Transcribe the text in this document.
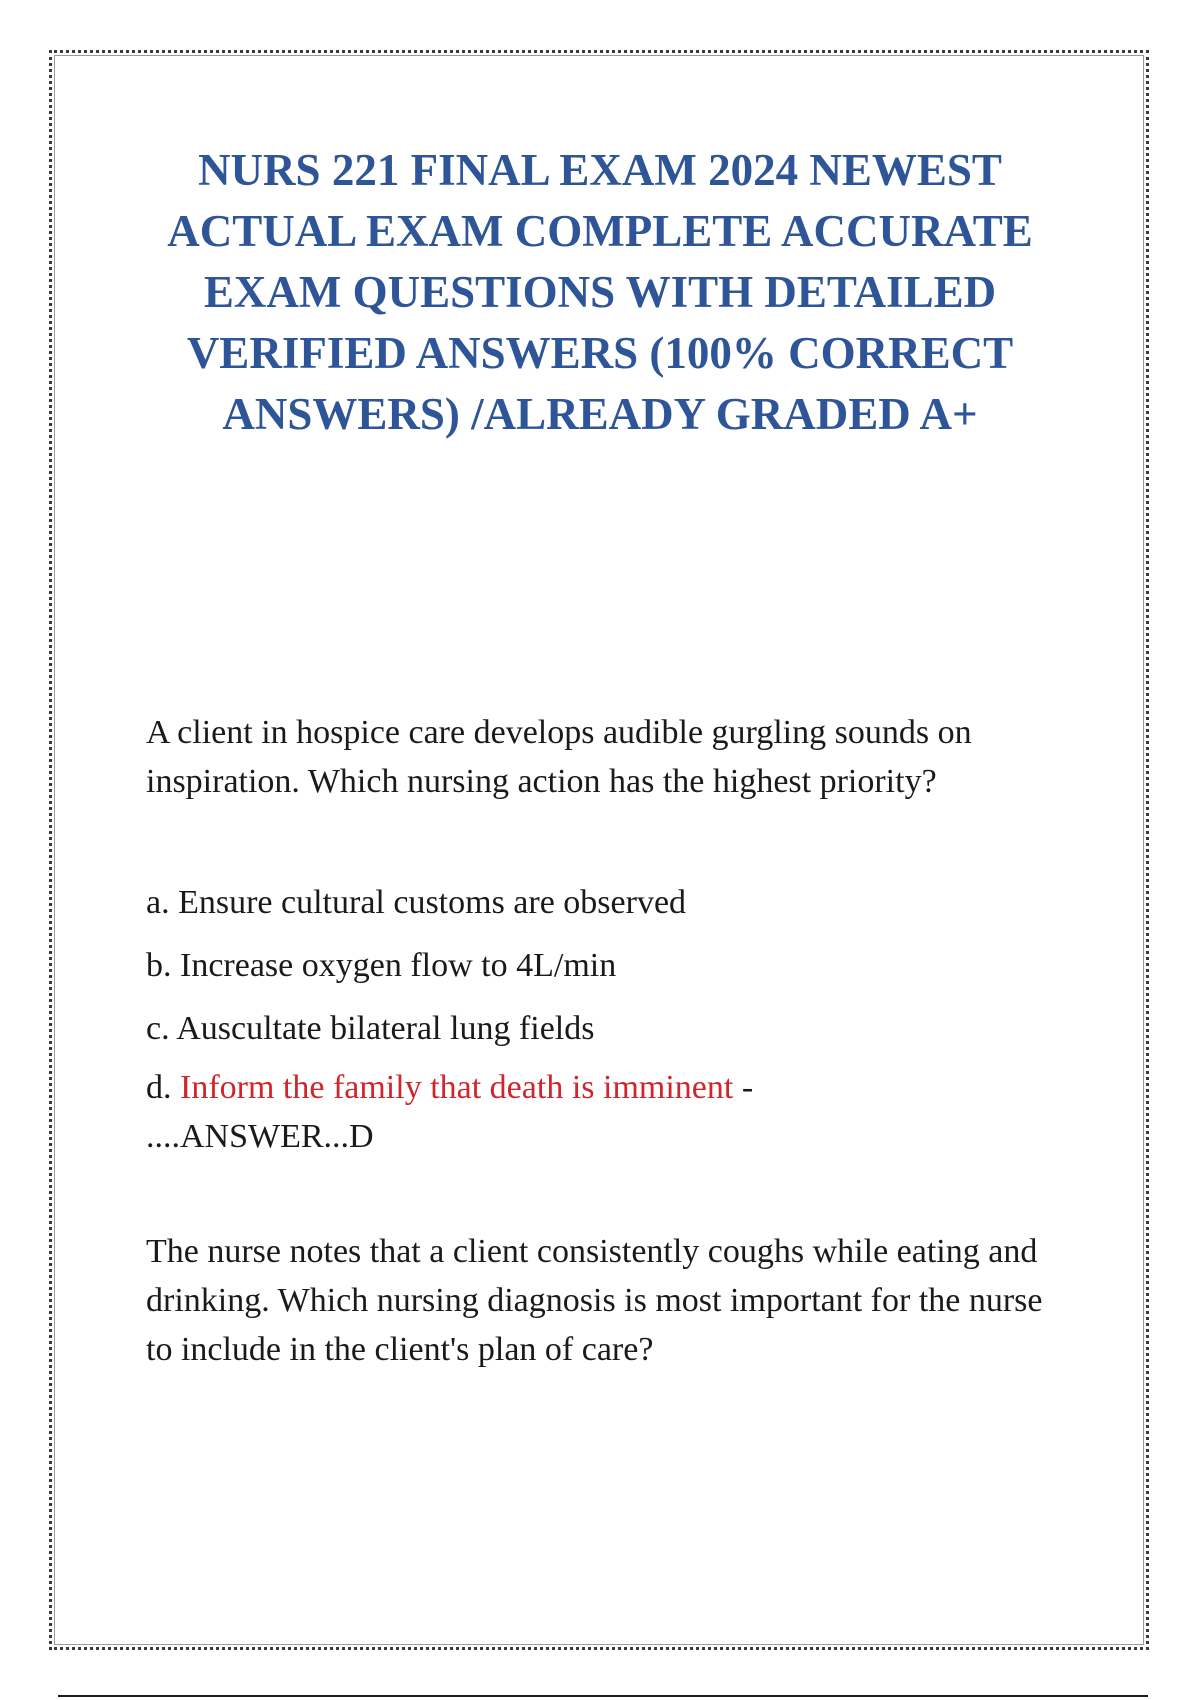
NURS 221 FINAL EXAM 2024 NEWEST ACTUAL EXAM COMPLETE ACCURATE EXAM QUESTIONS WITH DETAILED VERIFIED ANSWERS (100% CORRECT ANSWERS) /ALREADY GRADED A+

A client in hospice care develops audible gurgling sounds on inspiration. Which nursing action has the highest priority?

a. Ensure cultural customs are observed

b. Increase oxygen flow to 4L/min

c. Auscultate bilateral lung fields

d. Inform the family that death is imminent -

....ANSWER...D

The nurse notes that a client consistently coughs while eating and drinking. Which nursing diagnosis is most important for the nurse to include in the client's plan of care?
